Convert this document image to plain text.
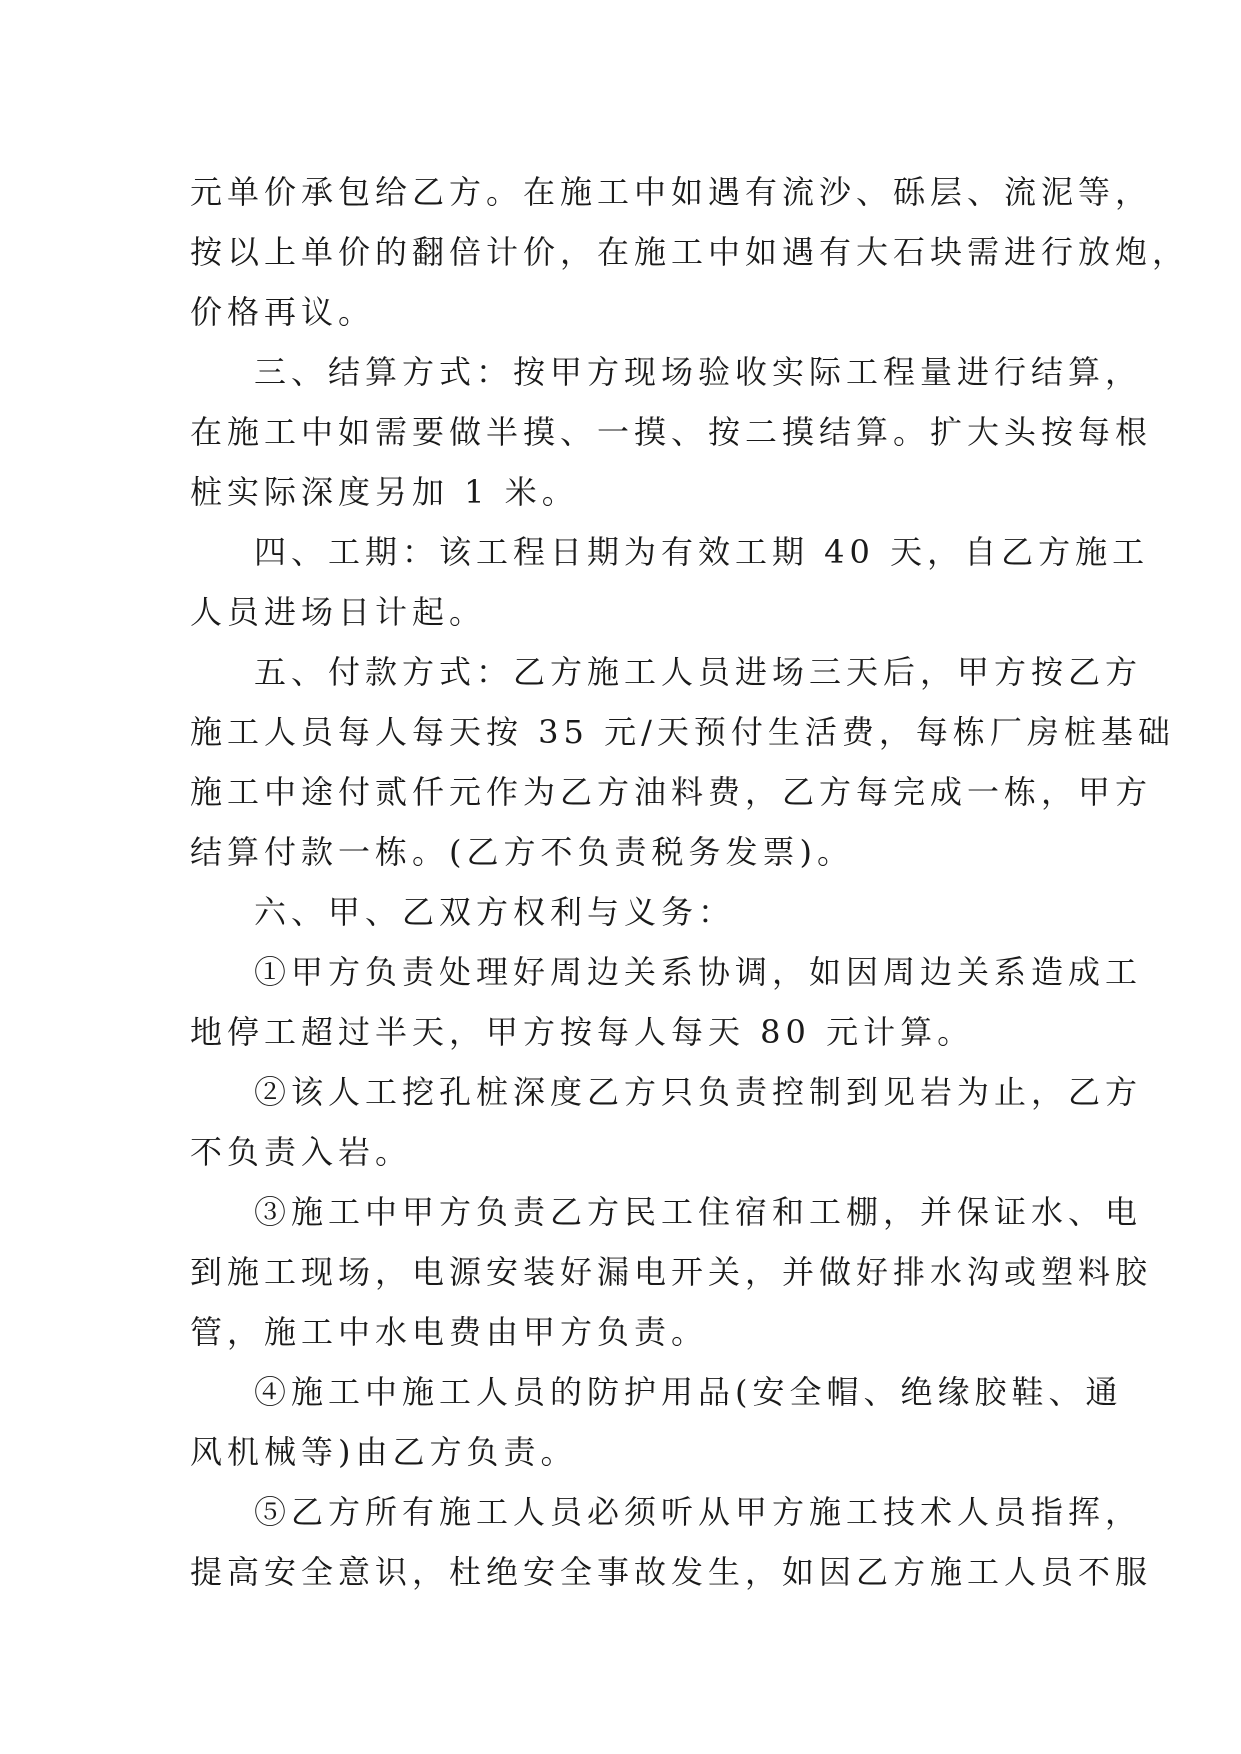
元单价承包给乙方。在施工中如遇有流沙、砾层、流泥等，
按以上单价的翻倍计价，在施工中如遇有大石块需进行放炮，
价格再议。
三、结算方式：按甲方现场验收实际工程量进行结算，
在施工中如需要做半摸、一摸、按二摸结算。扩大头按每根
桩实际深度另加 1 米。
四、工期：该工程日期为有效工期 40 天，自乙方施工
人员进场日计起。
五、付款方式：乙方施工人员进场三天后，甲方按乙方
施工人员每人每天按 35 元/天预付生活费，每栋厂房桩基础
施工中途付贰仟元作为乙方油料费，乙方每完成一栋，甲方
结算付款一栋。(乙方不负责税务发票)。
六、甲、乙双方权利与义务：
①甲方负责处理好周边关系协调，如因周边关系造成工
地停工超过半天，甲方按每人每天 80 元计算。
②该人工挖孔桩深度乙方只负责控制到见岩为止，乙方
不负责入岩。
③施工中甲方负责乙方民工住宿和工棚，并保证水、电
到施工现场，电源安装好漏电开关，并做好排水沟或塑料胶
管，施工中水电费由甲方负责。
④施工中施工人员的防护用品(安全帽、绝缘胶鞋、通
风机械等)由乙方负责。
⑤乙方所有施工人员必须听从甲方施工技术人员指挥，
提高安全意识，杜绝安全事故发生，如因乙方施工人员不服
